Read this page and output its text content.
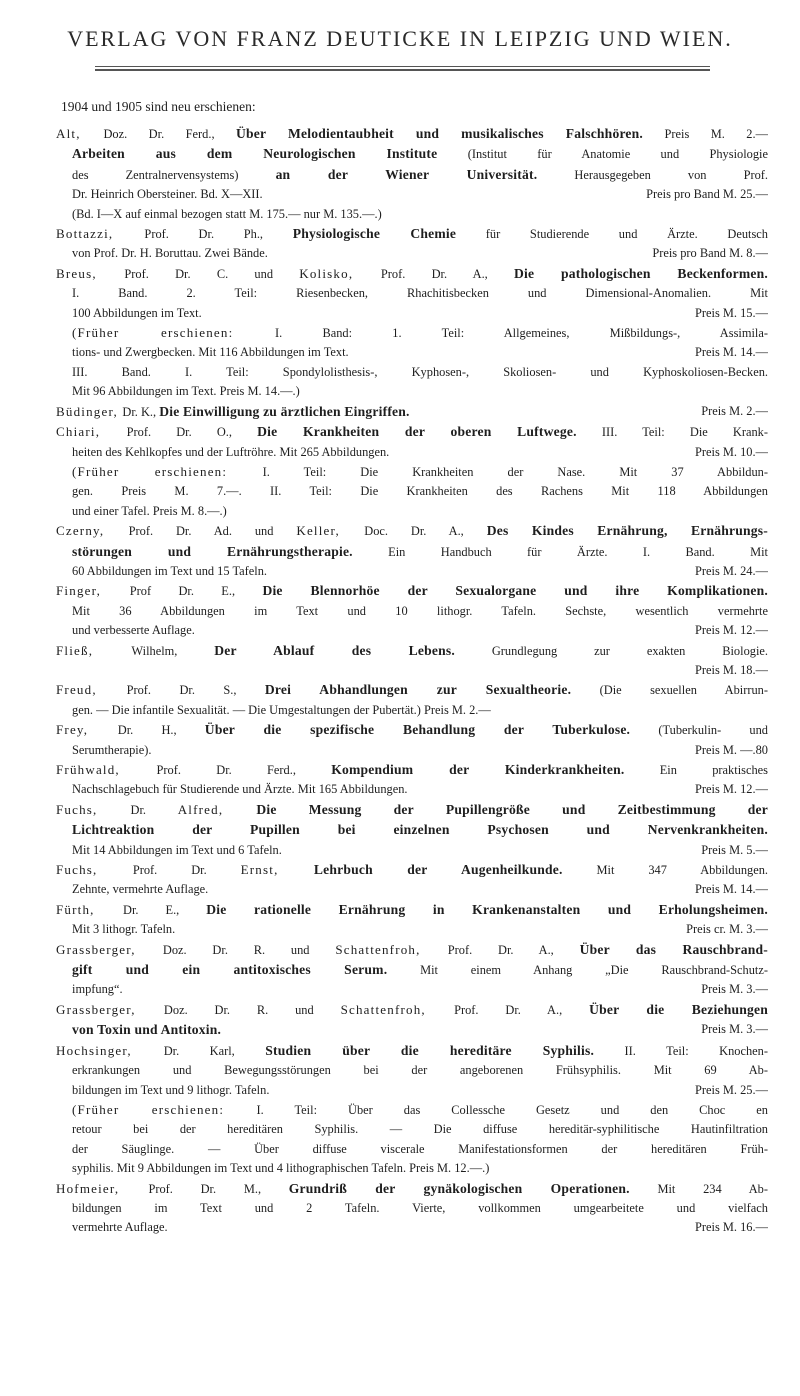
VERLAG VON FRANZ DEUTICKE IN LEIPZIG UND WIEN.
1904 und 1905 sind neu erschienen:
Alt, Doz. Dr. Ferd., Über Melodientaubheit und musikalisches Falschhören. Preis M. 2.—
Arbeiten aus dem Neurologischen Institute (Institut für Anatomie und Physiologie
des Zentralnervensystems) an der Wiener Universität. Herausgegeben von Prof.
Preis pro Band M. 25.—
Dr. Heinrich Obersteiner. Bd. X—XII.
(Bd. I—X auf einmal bezogen statt M. 175.— nur M. 135.—.)
Bottazzi, Prof. Dr. Ph., Physiologische Chemie für Studierende und Ärzte. Deutsch
Preis pro Band M. 8.—
von Prof. Dr. H. Boruttau. Zwei Bände.
Breus, Prof. Dr. C. und Kolisko, Prof. Dr. A., Die pathologischen Beckenformen.
I. Band. 2. Teil: Riesenbecken, Rhachitisbecken und Dimensional-Anomalien. Mit
Preis M. 15.—
100 Abbildungen im Text.
(Früher erschienen: I. Band: 1. Teil: Allgemeines, Mißbildungs-, Assimila-
Preis M. 14.—
tions- und Zwergbecken. Mit 116 Abbildungen im Text.
III. Band. I. Teil: Spondylolisthesis-, Kyphosen-, Skoliosen- und Kyphoskoliosen-Becken.
Mit 96 Abbildungen im Text. Preis M. 14.—.)
Preis M. 2.—
Büdinger, Dr. K., Die Einwilligung zu ärztlichen Eingriffen.
Chiari, Prof. Dr. O., Die Krankheiten der oberen Luftwege. III. Teil: Die Krank-
Preis M. 10.—
heiten des Kehlkopfes und der Luftröhre. Mit 265 Abbildungen.
(Früher erschienen: I. Teil: Die Krankheiten der Nase. Mit 37 Abbildun-
gen. Preis M. 7.—. II. Teil: Die Krankheiten des Rachens Mit 118 Abbildungen
und einer Tafel. Preis M. 8.—.)
Czerny, Prof. Dr. Ad. und Keller, Doc. Dr. A., Des Kindes Ernährung, Ernährungs-
störungen und Ernährungstherapie. Ein Handbuch für Ärzte. I. Band. Mit
Preis M. 24.—
60 Abbildungen im Text und 15 Tafeln.
Finger, Prof Dr. E., Die Blennorhöe der Sexualorgane und ihre Komplikationen.
Mit 36 Abbildungen im Text und 10 lithogr. Tafeln. Sechste, wesentlich vermehrte
Preis M. 12.—
und verbesserte Auflage.
Fließ, Wilhelm, Der Ablauf des Lebens. Grundlegung zur exakten Biologie.
Preis M. 18.—
Freud, Prof. Dr. S., Drei Abhandlungen zur Sexualtheorie. (Die sexuellen Abirrun-
gen. — Die infantile Sexualität. — Die Umgestaltungen der Pubertät.) Preis M. 2.—
Frey, Dr. H., Über die spezifische Behandlung der Tuberkulose. (Tuberkulin- und
Preis M. —.80
Serumtherapie).
Frühwald, Prof. Dr. Ferd., Kompendium der Kinderkrankheiten. Ein praktisches
Preis M. 12.—
Nachschlagebuch für Studierende und Ärzte. Mit 165 Abbildungen.
Fuchs, Dr. Alfred, Die Messung der Pupillengröße und Zeitbestimmung der
Lichtreaktion der Pupillen bei einzelnen Psychosen und Nervenkrankheiten.
Preis M. 5.—
Mit 14 Abbildungen im Text und 6 Tafeln.
Fuchs, Prof. Dr. Ernst, Lehrbuch der Augenheilkunde. Mit 347 Abbildungen.
Preis M. 14.—
Zehnte, vermehrte Auflage.
Fürth, Dr. E., Die rationelle Ernährung in Krankenanstalten und Erholungsheimen.
Preis cr. M. 3.—
Mit 3 lithogr. Tafeln.
Grassberger, Doz. Dr. R. und Schattenfroh, Prof. Dr. A., Über das Rauschbrand-
gift und ein antitoxisches Serum. Mit einem Anhang „Die Rauschbrand-Schutz-
Preis M. 3.—
impfung“.
Grassberger, Doz. Dr. R. und Schattenfroh, Prof. Dr. A., Über die Beziehungen
Preis M. 3.—
von Toxin und Antitoxin.
Hochsinger, Dr. Karl, Studien über die hereditäre Syphilis. II. Teil: Knochen-
erkrankungen und Bewegungsstörungen bei der angeborenen Frühsyphilis. Mit 69 Ab-
Preis M. 25.—
bildungen im Text und 9 lithogr. Tafeln.
(Früher erschienen: I. Teil: Über das Collessche Gesetz und den Choc en
retour bei der hereditären Syphilis. — Die diffuse hereditär-syphilitische Hautinfiltration
der Säuglinge. — Über diffuse viscerale Manifestationsformen der hereditären Früh-
syphilis. Mit 9 Abbildungen im Text und 4 lithographischen Tafeln. Preis M. 12.—.)
Hofmeier, Prof. Dr. M., Grundriß der gynäkologischen Operationen. Mit 234 Ab-
bildungen im Text und 2 Tafeln. Vierte, vollkommen umgearbeitete und vielfach
Preis M. 16.—
vermehrte Auflage.
